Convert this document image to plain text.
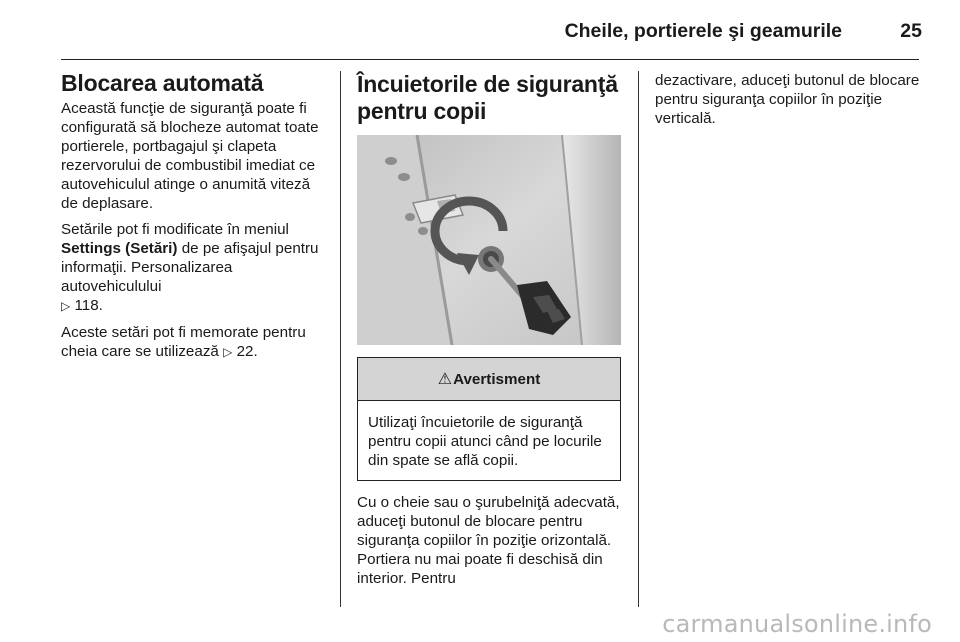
Cheile, portierele şi geamurile	25
Blocarea automată

Această funcţie de siguranţă poate fi configurată să blocheze automat toate portierele, portbagajul şi clapeta rezervorului de combustibil imediat ce autovehiculul atinge o anumită viteză de deplasare.

Setările pot fi modificate în meniul Settings (Setări) de pe afişajul pentru informaţii. Personalizarea autovehiculului
▷ 118.

Aceste setări pot fi memorate pentru cheia care se utilizează ▷ 22.

Încuietorile de siguranţă pentru copii
⚠ Avertisment
Utilizaţi încuietorile de siguranţă pentru copii atunci când pe locurile din spate se află copii.

Cu o cheie sau o şurubelniţă adecvată, aduceţi butonul de blocare pentru siguranţa copiilor în poziţie orizontală. Portiera nu mai poate fi deschisă din interior. Pentru

dezactivare, aduceţi butonul de blocare pentru siguranţa copiilor în poziţie verticală.

carmanualsonline.info
